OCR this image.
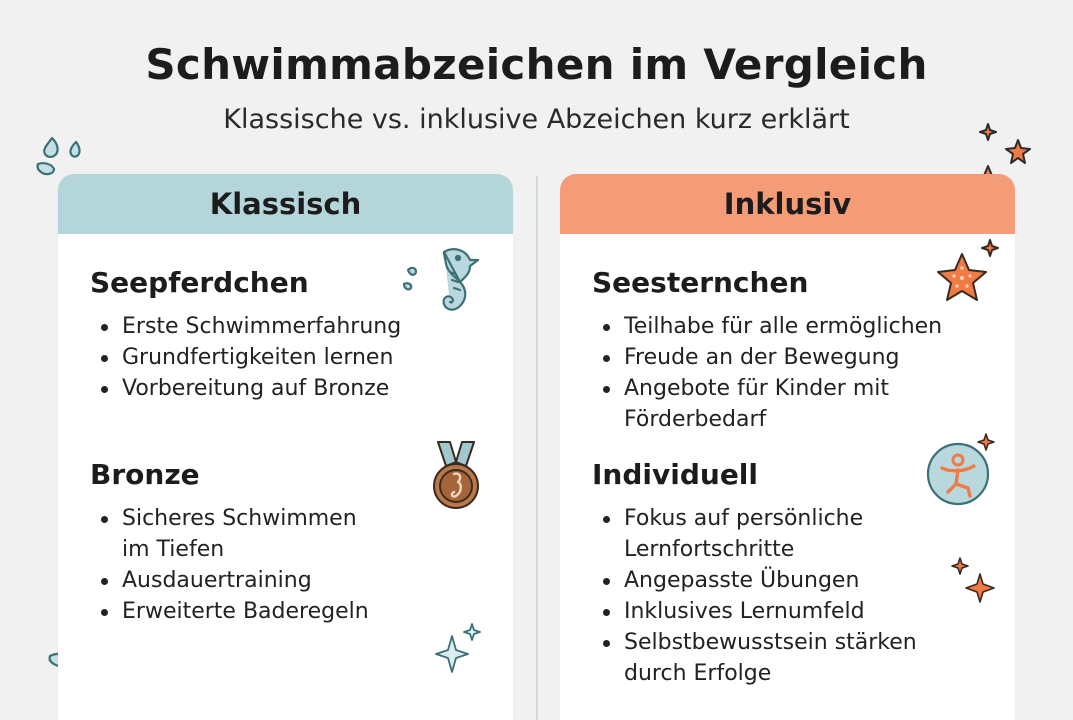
Schwimmabzeichen im Vergleich
Klassische vs. inklusive Abzeichen kurz erklärt
Klassisch
Seepferdchen
Erste Schwimmerfahrung
Grundfertigkeiten lernen
Vorbereitung auf Bronze
Bronze
Sicheres Schwimmen im Tiefen
Ausdauertraining
Erweiterte Baderegeln
Inklusiv
Seesternchen
Teilhabe für alle ermöglichen
Freude an der Bewegung
Angebote für Kinder mit Förderbedarf
Individuell
Fokus auf persönliche Lernfortschritte
Angepasste Übungen
Inklusives Lernumfeld
Selbstbewusstsein stärken durch Erfolge
